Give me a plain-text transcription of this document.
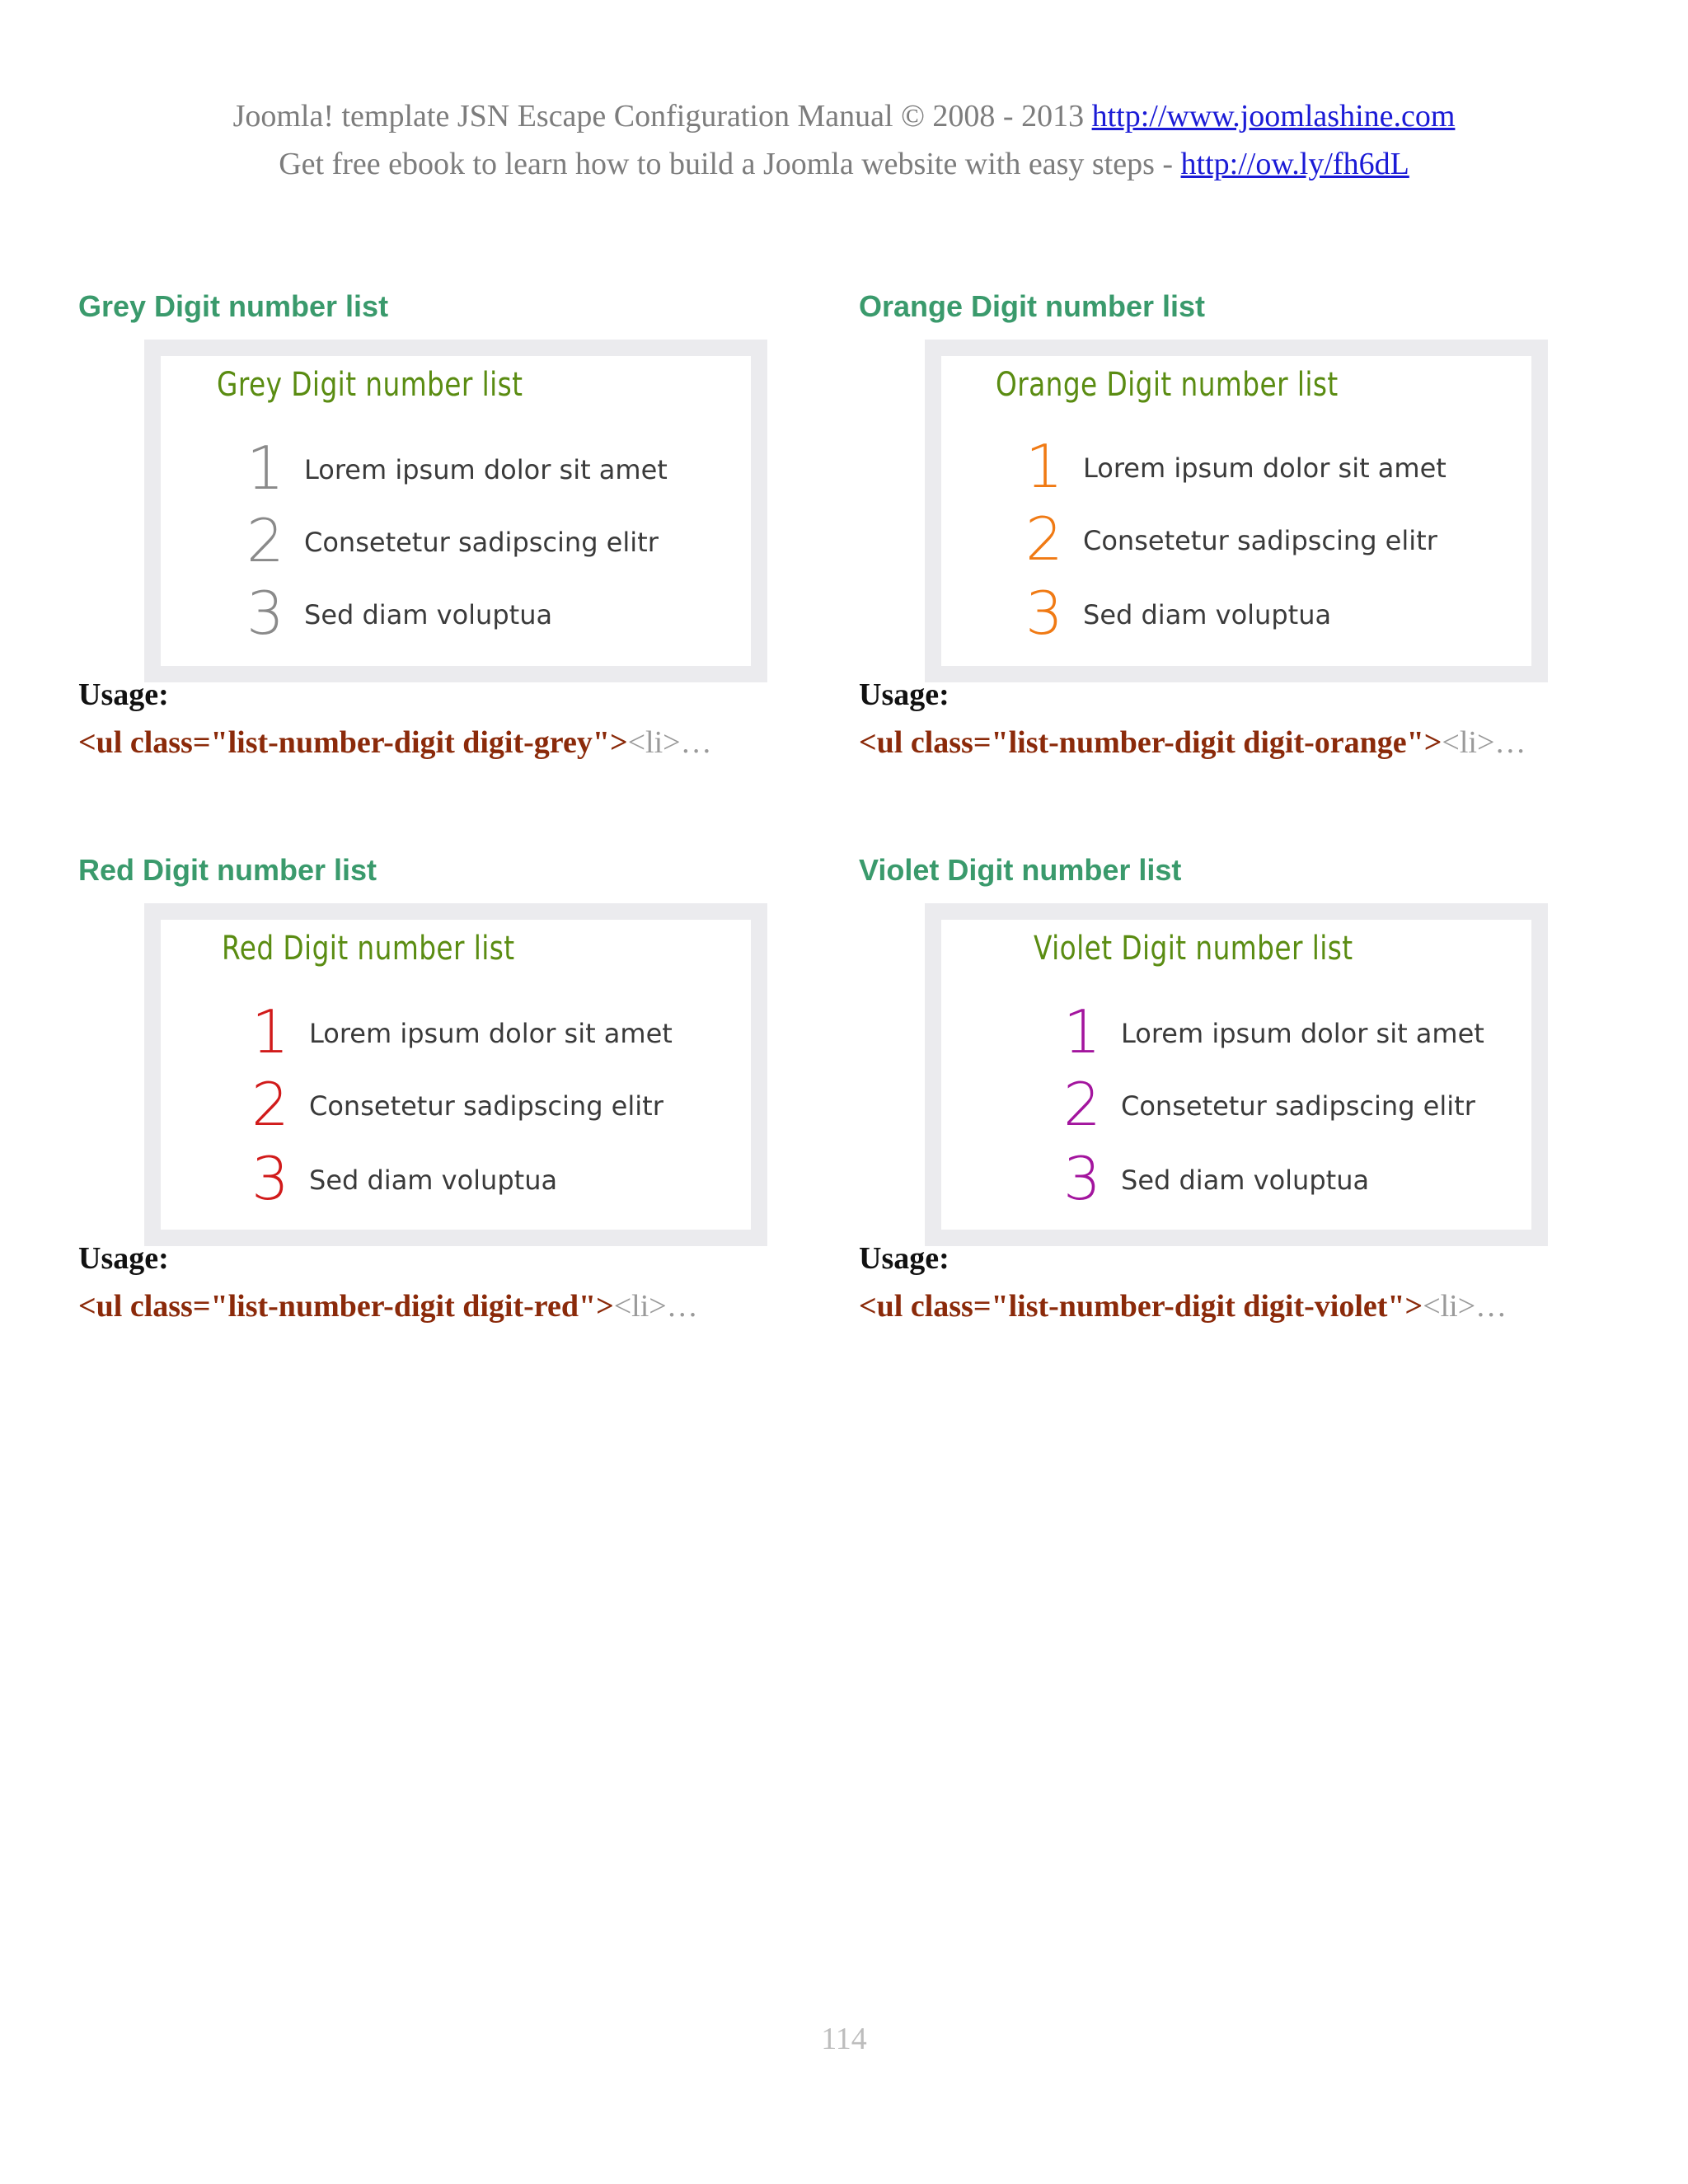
Joomla! template JSN Escape Configuration Manual © 2008 - 2013 http://www.joomlashine.com
Get free ebook to learn how to build a Joomla website with easy steps - http://ow.ly/fh6dL
Grey Digit number list
Grey Digit number list
1 Lorem ipsum dolor sit amet
2 Consetetur sadipscing elitr
3 Sed diam voluptua

Usage:

<ul class="list-number-digit digit-grey"><li>…

Orange Digit number list
Orange Digit number list
1 Lorem ipsum dolor sit amet
2 Consetetur sadipscing elitr
3 Sed diam voluptua

Usage:

<ul class="list-number-digit digit-orange"><li>…

Red Digit number list
Red Digit number list
1 Lorem ipsum dolor sit amet
2 Consetetur sadipscing elitr
3 Sed diam voluptua

Usage:

<ul class="list-number-digit digit-red"><li>…

Violet Digit number list
Violet Digit number list
1 Lorem ipsum dolor sit amet
2 Consetetur sadipscing elitr
3 Sed diam voluptua

Usage:

<ul class="list-number-digit digit-violet"><li>…

114
